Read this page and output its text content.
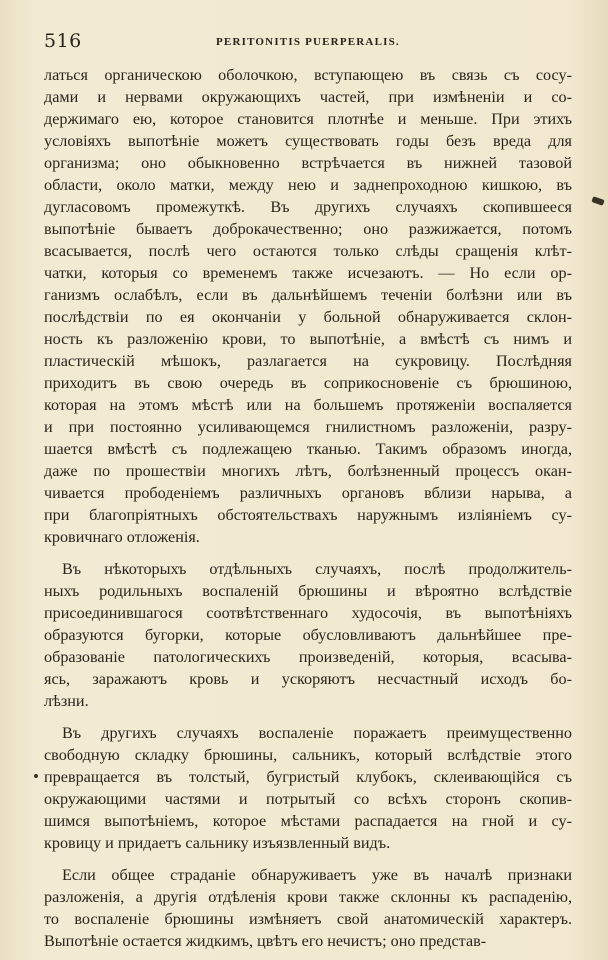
516	PERITONITIS PUERPERALIS.
латься органическою оболочкою, вступающею въ связь съ сосу-
дами и нервами окружающихъ частей, при измѣненіи и со-
держимаго ею, которое становится плотнѣе и меньше. При этихъ
условіяхъ выпотѣніе можетъ существовать годы безъ вреда для
организма; оно обыкновенно встрѣчается въ нижней тазовой
области, около матки, между нею и заднепроходною кишкою, въ
дугласовомъ промежуткѣ. Въ другихъ случаяхъ скопившееся
выпотѣніе бываетъ доброкачественно; оно разжижается, потомъ
всасывается, послѣ чего остаются только слѣды сращенія клѣт-
чатки, которыя со временемъ также исчезаютъ. — Но если ор-
ганизмъ ослабѣлъ, если въ дальнѣйшемъ теченіи болѣзни или въ
послѣдствіи по ея окончаніи у больной обнаруживается склон-
ность къ разложенію крови, то выпотѣніе, а вмѣстѣ съ нимъ и
пластическій мѣшокъ, разлагается на сукровицу. Послѣдняя
приходитъ въ свою очередь въ соприкосновеніе съ брюшиною,
которая на этомъ мѣстѣ или на большемъ протяженіи воспаляется
и при постоянно усиливающемся гнилистномъ разложеніи, разру-
шается вмѣстѣ съ подлежащею тканью. Такимъ образомъ иногда,
даже по прошествіи многихъ лѣтъ, болѣзненный процессъ окан-
чивается прободеніемъ различныхъ органовъ вблизи нарыва, а
при благопріятныхъ обстоятельствахъ наружнымъ изліяніемъ су-
кровичнаго отложенія.
Въ нѣкоторыхъ отдѣльныхъ случаяхъ, послѣ продолжитель-
ныхъ родильныхъ воспаленій брюшины и вѣроятно вслѣдствіе
присоединившагося соотвѣтственнаго худосочія, въ выпотѣніяхъ
образуются бугорки, которые обусловливаютъ дальнѣйшее пре-
образованіе патологическихъ произведеній, которыя, всасыва-
ясь, заражаютъ кровь и ускоряютъ несчастный исходъ бо-
лѣзни.
Въ другихъ случаяхъ воспаленіе поражаетъ преимущественно
свободную складку брюшины, сальникъ, который вслѣдствіе этого
превращается въ толстый, бугристый клубокъ, склеивающійся съ
окружающими частями и потрытый со всѣхъ сторонъ скопив-
шимся выпотѣніемъ, которое мѣстами распадается на гной и су-
кровицу и придаетъ сальнику изъязвленный видъ.
Если общее страданіе обнаруживаетъ уже въ началѣ признаки
разложенія, а другія отдѣленія крови также склонны къ распаденію,
то воспаленіе брюшины измѣняетъ свой анатомическій характеръ.
Выпотѣніе остается жидкимъ, цвѣтъ его нечистъ; оно представ-
